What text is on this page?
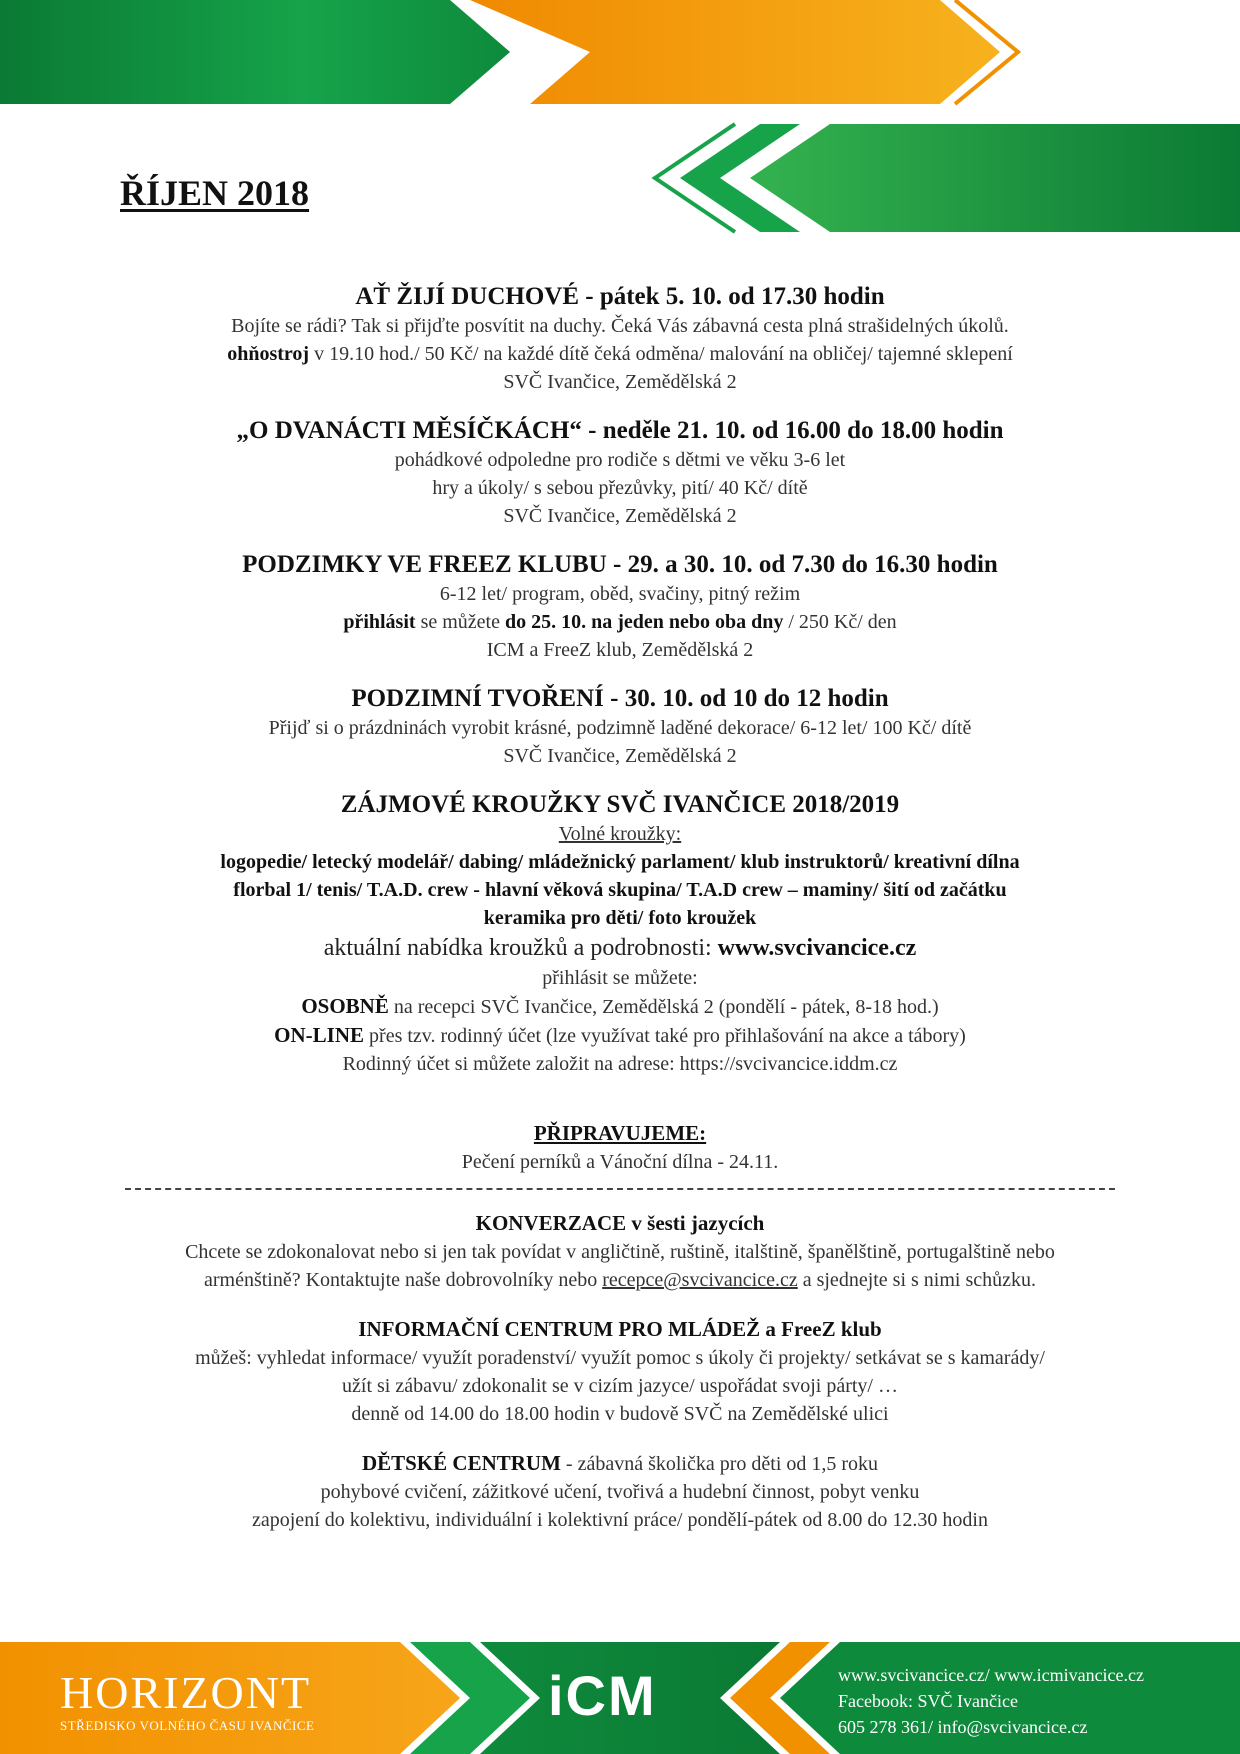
ŘÍJEN 2018
AŤ ŽIJÍ DUCHOVÉ - pátek 5. 10. od 17.30 hodin
Bojíte se rádi? Tak si přijďte posvítit na duchy. Čeká Vás zábavná cesta plná strašidelných úkolů.
ohňostroj v 19.10 hod./ 50 Kč/ na každé dítě čeká odměna/ malování na obličej/ tajemné sklepení
SVČ Ivančice, Zemědělská 2
„O DVANÁCTI MĚSÍČKÁCH“ - neděle 21. 10. od 16.00 do 18.00 hodin
pohádkové odpoledne pro rodiče s dětmi ve věku 3-6 let
hry a úkoly/ s sebou přezůvky, pití/ 40 Kč/ dítě
SVČ Ivančice, Zemědělská 2
PODZIMKY VE FREEZ KLUBU - 29. a 30. 10. od 7.30 do 16.30 hodin
6-12 let/ program, oběd, svačiny, pitný režim
přihlásit se můžete do 25. 10. na jeden nebo oba dny / 250 Kč/ den
ICM a FreeZ klub, Zemědělská 2
PODZIMNÍ TVOŘENÍ - 30. 10. od 10 do 12 hodin
Přijď si o prázdninách vyrobit krásné, podzimně laděné dekorace/ 6-12 let/ 100 Kč/ dítě
SVČ Ivančice, Zemědělská 2
ZÁJMOVÉ KROUŽKY SVČ IVANČICE 2018/2019
Volné kroužky:
logopedie/ letecký modelář/ dabing/ mládežnický parlament/ klub instruktorů/ kreativní dílna
florbal 1/ tenis/ T.A.D. crew - hlavní věková skupina/ T.A.D crew – maminy/ šití od začátku
keramika pro děti/ foto kroužek
aktuální nabídka kroužků a podrobnosti: www.svcivancice.cz
přihlásit se můžete:
OSOBNĚ na recepci SVČ Ivančice, Zemědělská 2 (pondělí - pátek, 8-18 hod.)
ON-LINE přes tzv. rodinný účet (lze využívat také pro přihlašování na akce a tábory)
Rodinný účet si můžete založit na adrese: https://svcivancice.iddm.cz
PŘIPRAVUJEME:
Pečení perníků a Vánoční dílna - 24.11.
KONVERZACE v šesti jazycích
Chcete se zdokonalovat nebo si jen tak povídat v angličtině, ruštině, italštině, španělštině, portugalštině nebo
arménštině? Kontaktujte naše dobrovolníky nebo recepce@svcivancice.cz a sjednejte si s nimi schůzku.
INFORMAČNÍ CENTRUM PRO MLÁDEŽ a FreeZ klub
můžeš: vyhledat informace/ využít poradenství/ využít pomoc s úkoly či projekty/ setkávat se s kamarády/
užít si zábavu/ zdokonalit se v cizím jazyce/ uspořádat svoji párty/ …
denně od 14.00 do 18.00 hodin v budově SVČ na Zemědělské ulici
DĚTSKÉ CENTRUM - zábavná školička pro děti od 1,5 roku
pohybové cvičení, zážitkové učení, tvořivá a hudební činnost, pobyt venku
zapojení do kolektivu, individuální i kolektivní práce/ pondělí-pátek od 8.00 do 12.30 hodin
HORIZONT
STŘEDISKO VOLNÉHO ČASU IVANČICE	iCM	www.svcivancice.cz/ www.icmivancice.cz
Facebook: SVČ Ivančice
605 278 361/ info@svcivancice.cz
